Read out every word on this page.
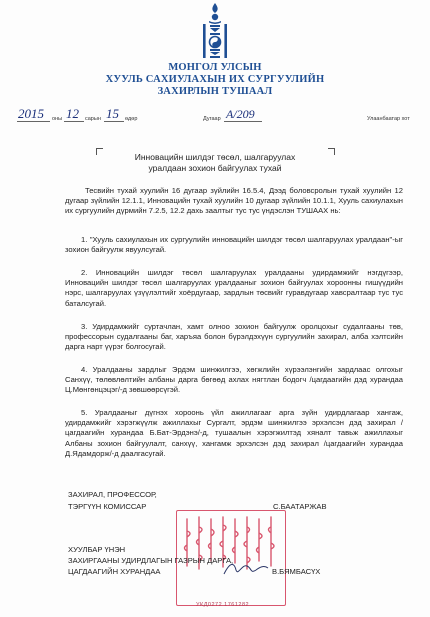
МОНГОЛ УЛСЫН
ХУУЛЬ САХИУЛАХЫН ИХ СУРГУУЛИЙН
ЗАХИРЛЫН ТУШААЛ
2015 оны 12 сарын 15 өдөр	Дугаар А/209	Улаанбаатар хот
Инновацийн шилдэг төсөл, шалгаруулах
уралдаан зохион байгуулах тухай
Тесвийн тухай хуулийн 16 дугаар зүйлийн 16.5.4, Дээд боловсролын тухай хуулийн 12 дугаар зүйлийн 12.1.1, Инновацийн тухай хуулийн 10 дугаар зүйлийн 10.1.1, Хууль сахиулахын их сургуулийн дүрмийн 7.2.5, 12.2 дахь заалтыг тус тус үндэслэн ТУШААХ нь:
1. "Хууль сахиулахын их сургуулийн инновацийн шилдэг төсөл шалгаруулах уралдаан"-ыг зохион байгуулж явуулсугай.
2. Инновацийн шилдэг төсөл шалгаруулах уралдааны удирдамжийг нэгдүгээр, Инновацийн шилдэг төсөл шалгаруулах уралдааныг зохион байгуулах хороонны гишүүдийн нэрс, шалгаруулах үзүүлэлтийг хоёрдугаар, зардлын төсвийг гуравдугаар хавсралтаар тус тус баталсугай.
3. Удирдамжийг суртачлан, хамт олноо зохион байгуулж оролцохыг судалгааны төв, профессорын судалгааны баг, харъяа болон бүрэлдэхүүн сургуулийн захирал, алба хэлтсийн дарга нарт үүрэг болгосугай.
4. Уралдааны зардлыг Эрдэм шинжилгээ, хөгжлийн хүрээлэнгийн зардлаас олгохыг Санхүү, төлөвлөлтийн албаны дарга бөгөөд ахлах нягтлан бодогч /цагдаагийн дэд хурандаа Ц.Мөнгөнцэцэг/-д зөвшөөрсүгэй.
5. Уралдааныг дүгнэх хороонь үйл ажиллагааг арга зүйн удирдлагаар хангаж, удирдамжийг хэрэгжүүлж ажиллахыг Сургалт, эрдэм шинжилгээ эрхэлсэн дэд захирал /цагдаагийн хурандаа Б.Бат-Эрдэнэ/-д, тушаалын хэрэгжилтэд хяналт тавьж ажиллахыг Албаны зохион байгуулалт, санхүү, хангамж эрхэлсэн дэд захирал /цагдаагийн хурандаа Д.Ядамдорж/-д даалгасугай.
ЗАХИРАЛ, ПРОФЕССОР,
ТЭРГҮҮН КОМИССАР	С.БААТАРЖАВ
УКД0272 1761282
ХУУЛБАР ҮНЭН
ЗАХИРГААНЫ УДИРДЛАГЫН ГАЗРЫН ДАРГА,
ЦАГДААГИЙН ХУРАНДАА	В.БЯМБАСҮХ
